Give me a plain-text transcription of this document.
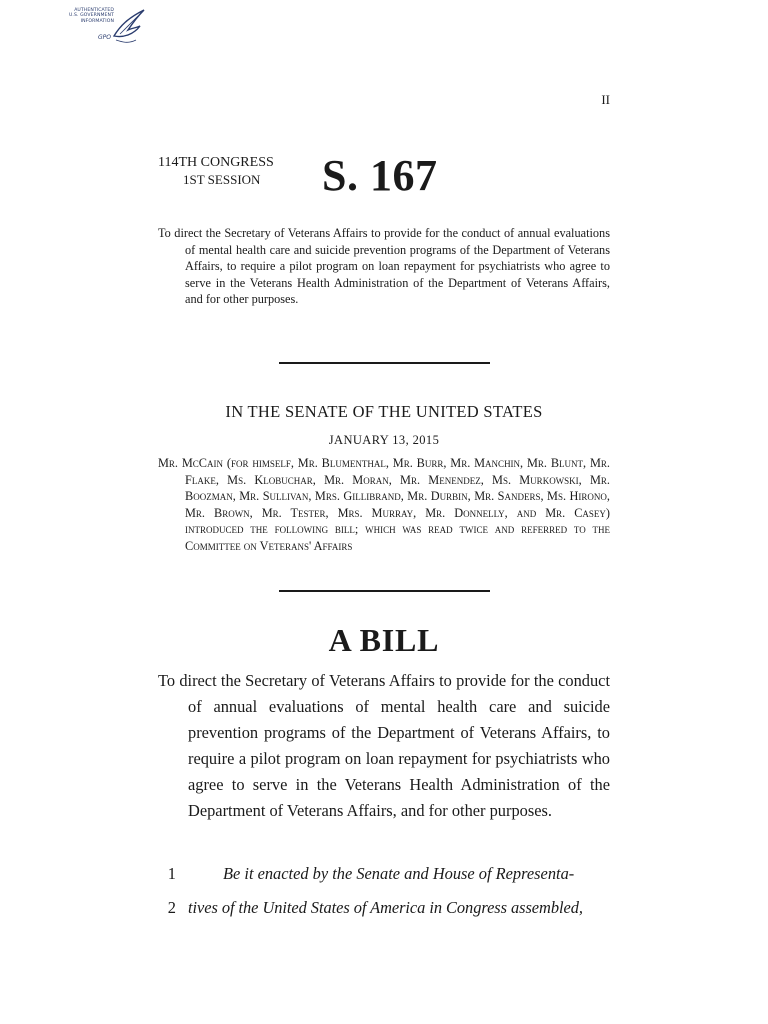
AUTHENTICATED
U.S. GOVERNMENT
INFORMATION
GPO
II
114TH CONGRESS
1ST SESSION S. 167
To direct the Secretary of Veterans Affairs to provide for the conduct of annual evaluations of mental health care and suicide prevention programs of the Department of Veterans Affairs, to require a pilot program on loan repayment for psychiatrists who agree to serve in the Veterans Health Administration of the Department of Veterans Affairs, and for other purposes.
IN THE SENATE OF THE UNITED STATES
JANUARY 13, 2015
Mr. McCain (for himself, Mr. Blumenthal, Mr. Burr, Mr. Manchin, Mr. Blunt, Mr. Flake, Ms. Klobuchar, Mr. Moran, Mr. Menendez, Ms. Murkowski, Mr. Boozman, Mr. Sullivan, Mrs. Gillibrand, Mr. Durbin, Mr. Sanders, Ms. Hirono, Mr. Brown, Mr. Tester, Mrs. Murray, Mr. Donnelly, and Mr. Casey) introduced the following bill; which was read twice and referred to the Committee on Veterans' Affairs
A BILL
To direct the Secretary of Veterans Affairs to provide for the conduct of annual evaluations of mental health care and suicide prevention programs of the Department of Veterans Affairs, to require a pilot program on loan repayment for psychiatrists who agree to serve in the Veterans Health Administration of the Department of Veterans Affairs, and for other purposes.
1	Be it enacted by the Senate and House of Representa-
2 tives of the United States of America in Congress assembled,
